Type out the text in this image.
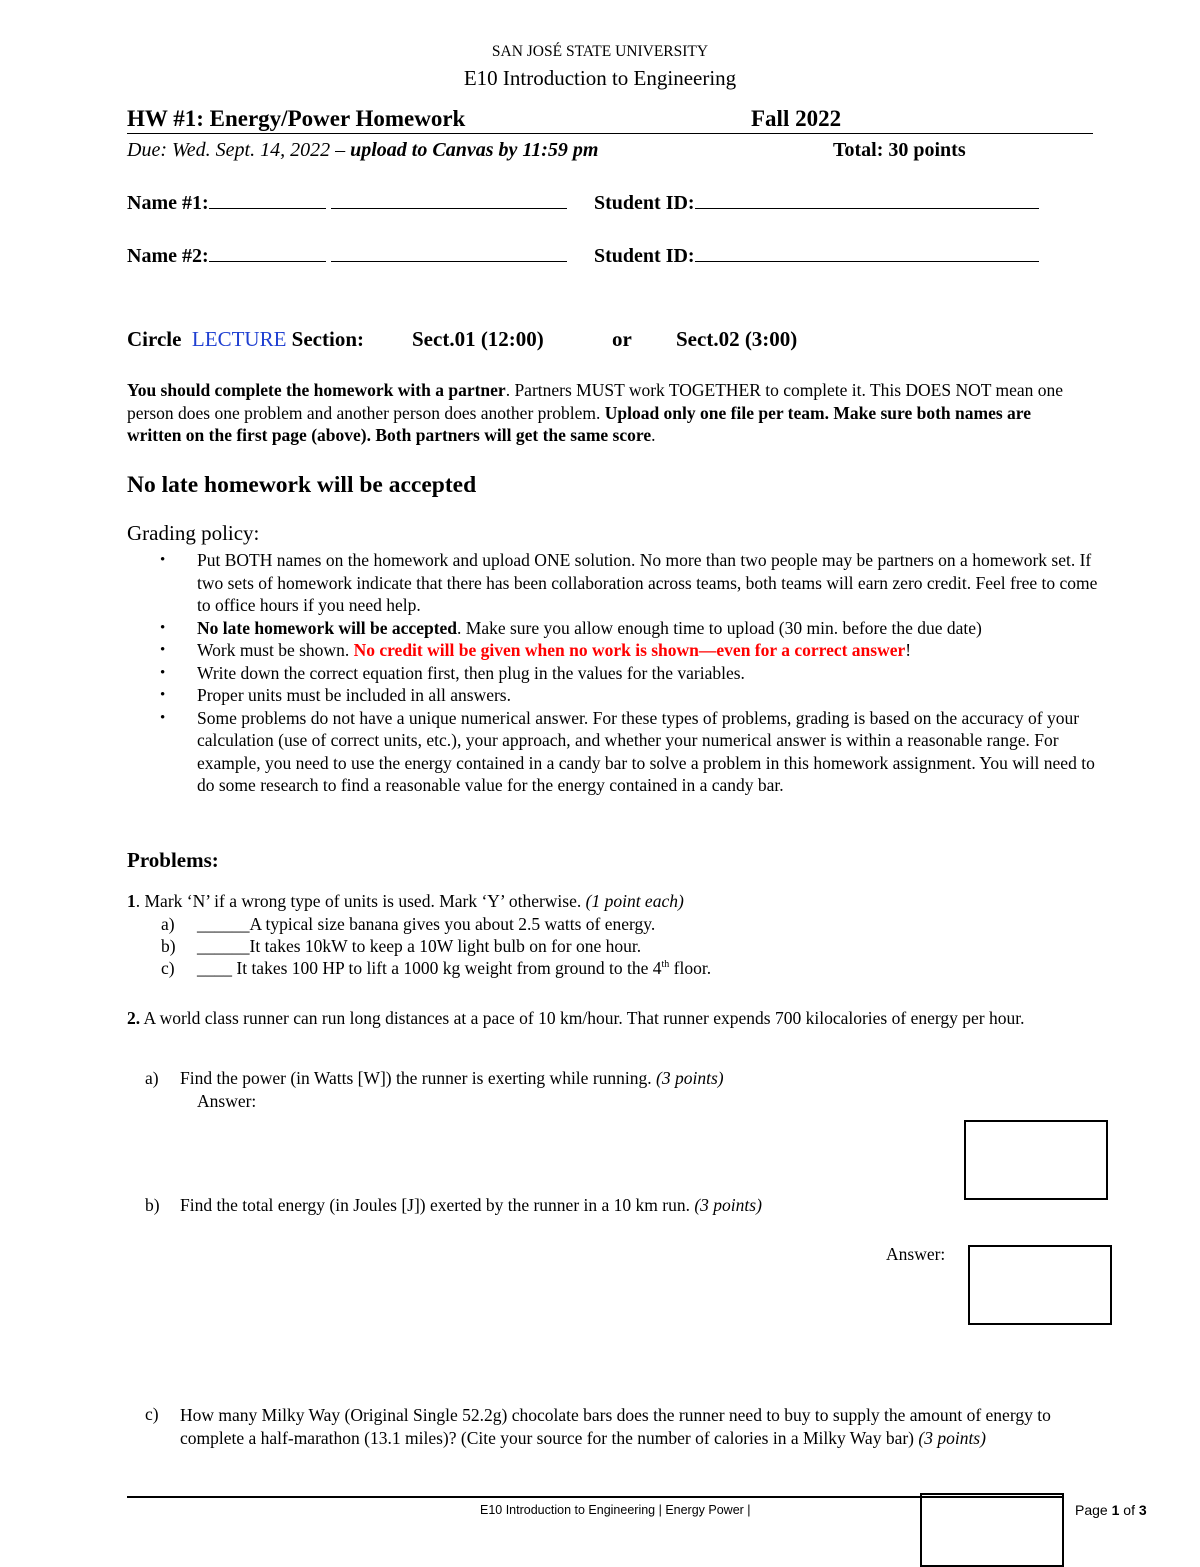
SAN JOSÉ STATE UNIVERSITY
E10 Introduction to Engineering
HW #1: Energy/Power Homework	Fall 2022
Due: Wed. Sept. 14, 2022 – upload to Canvas by 11:59 pm	Total: 30 points
Name #1:	Student ID:
Name #2:	Student ID:
Circle LECTURE Section: Sect.01 (12:00)	or Sect.02 (3:00)
You should complete the homework with a partner. Partners MUST work TOGETHER to complete it. This DOES NOT mean one person does one problem and another person does another problem. Upload only one file per team. Make sure both names are written on the first page (above). Both partners will get the same score.
No late homework will be accepted
Grading policy:
• Put BOTH names on the homework and upload ONE solution. No more than two people may be partners on a homework set. If two sets of homework indicate that there has been collaboration across teams, both teams will earn zero credit. Feel free to come to office hours if you need help.
• No late homework will be accepted. Make sure you allow enough time to upload (30 min. before the due date)
• Work must be shown. No credit will be given when no work is shown—even for a correct answer!
• Write down the correct equation first, then plug in the values for the variables.
• Proper units must be included in all answers.
• Some problems do not have a unique numerical answer. For these types of problems, grading is based on the accuracy of your calculation (use of correct units, etc.), your approach, and whether your numerical answer is within a reasonable range. For example, you need to use the energy contained in a candy bar to solve a problem in this homework assignment. You will need to do some research to find a reasonable value for the energy contained in a candy bar.
Problems:
1. Mark ‘N’ if a wrong type of units is used. Mark ‘Y’ otherwise. (1 point each)
a) ______A typical size banana gives you about 2.5 watts of energy.
b) ______It takes 10kW to keep a 10W light bulb on for one hour.
c) ____ It takes 100 HP to lift a 1000 kg weight from ground to the 4th floor.
2. A world class runner can run long distances at a pace of 10 km/hour. That runner expends 700 kilocalories of energy per hour.
a) Find the power (in Watts [W]) the runner is exerting while running. (3 points)
Answer:
b) Find the total energy (in Joules [J]) exerted by the runner in a 10 km run. (3 points)
Answer:
c) How many Milky Way (Original Single 52.2g) chocolate bars does the runner need to buy to supply the amount of energy to complete a half-marathon (13.1 miles)? (Cite your source for the number of calories in a Milky Way bar) (3 points)
E10 Introduction to Engineering | Energy Power |	Page 1 of 3
